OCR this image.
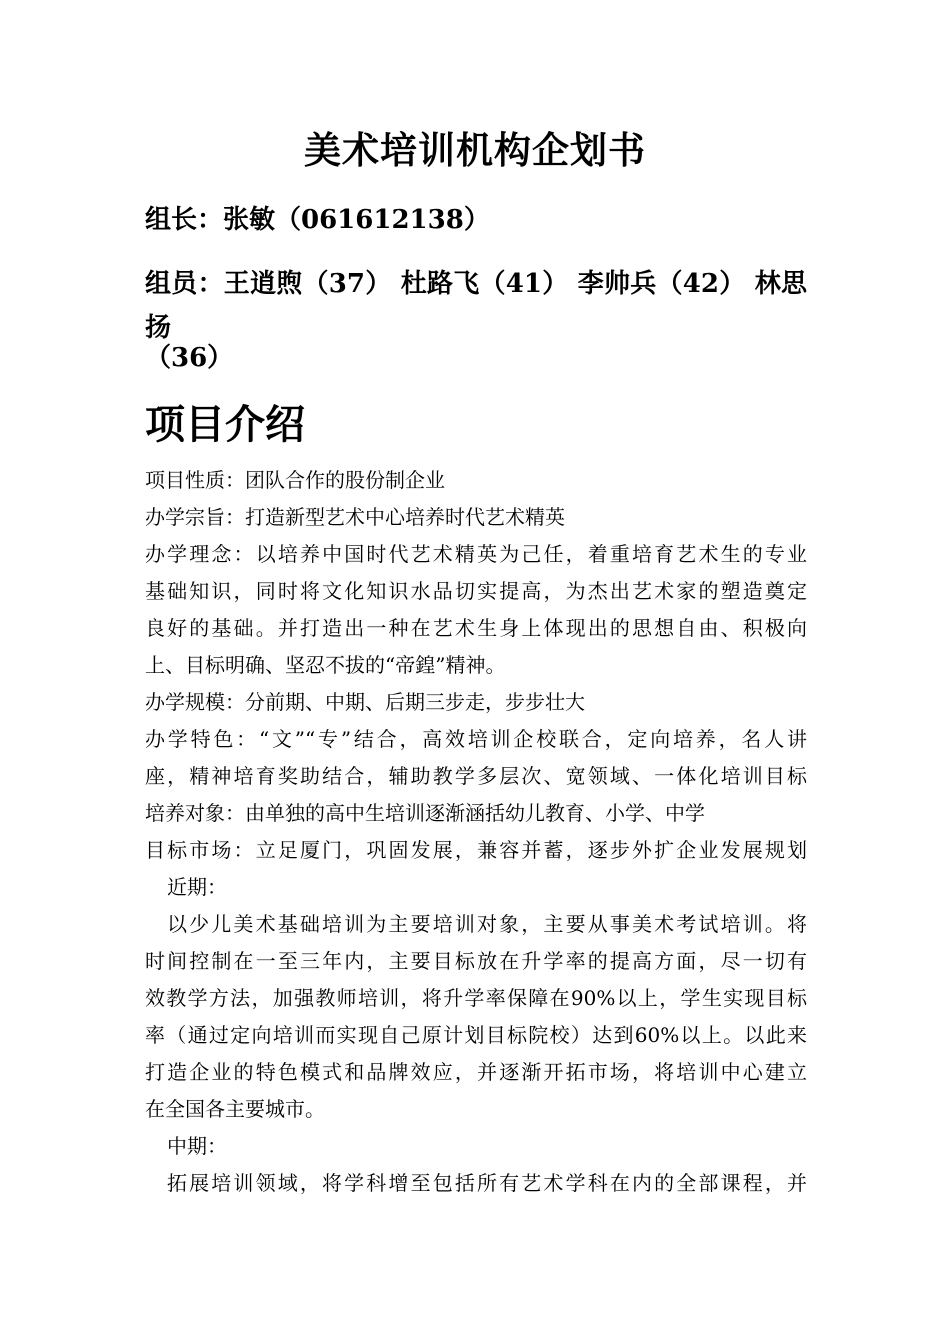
美术培训机构企划书
组长：张敏（061612138）
组员：王逍煦（37） 杜路飞（41） 李帅兵（42） 林思扬
（36）
项目介绍
项目性质：团队合作的股份制企业
办学宗旨：打造新型艺术中心培养时代艺术精英
办学理念：以培养中国时代艺术精英为己任，着重培育艺术生的专业
基础知识，同时将文化知识水品切实提高，为杰出艺术家的塑造奠定
良好的基础。并打造出一种在艺术生身上体现出的思想自由、积极向
上、目标明确、坚忍不拔的“帝鍠”精神。
办学规模：分前期、中期、后期三步走，步步壮大
办学特色：“文”“专”结合，高效培训企校联合，定向培养，名人讲
座，精神培育奖助结合，辅助教学多层次、宽领域、一体化培训目标
培养对象：由单独的高中生培训逐渐涵括幼儿教育、小学、中学
目标市场：立足厦门，巩固发展，兼容并蓄，逐步外扩企业发展规划
近期：
以少儿美术基础培训为主要培训对象，主要从事美术考试培训。将
时间控制在一至三年内，主要目标放在升学率的提高方面，尽一切有
效教学方法，加强教师培训，将升学率保障在90%以上，学生实现目标
率（通过定向培训而实现自己原计划目标院校）达到60%以上。以此来
打造企业的特色模式和品牌效应，并逐渐开拓市场，将培训中心建立
在全国各主要城市。
中期：
拓展培训领域，将学科增至包括所有艺术学科在内的全部课程，并
